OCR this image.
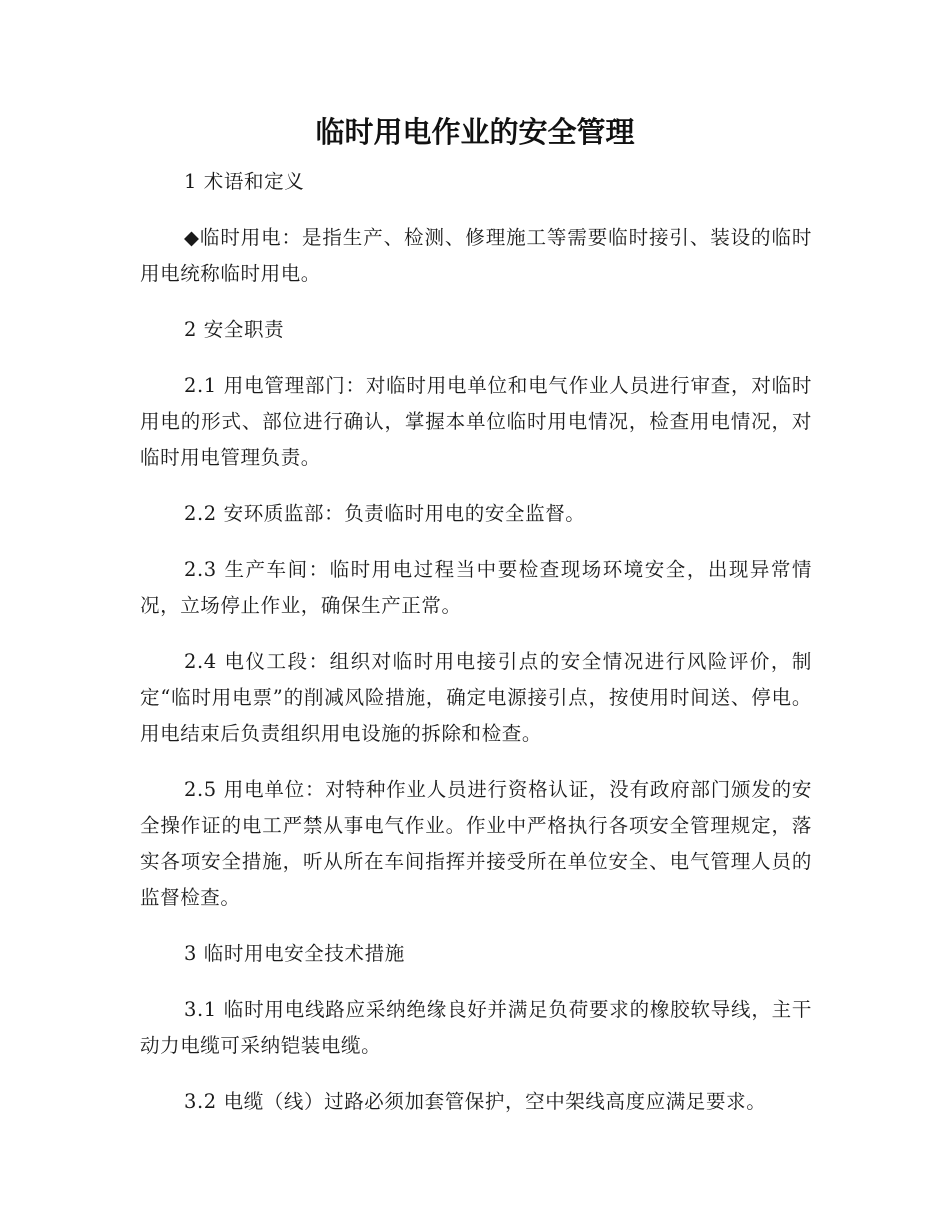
临时用电作业的安全管理

1 术语和定义

◆临时用电：是指生产、检测、修理施工等需要临时接引、装设的临时用电统称临时用电。

2 安全职责

2.1 用电管理部门：对临时用电单位和电气作业人员进行审查，对临时用电的形式、部位进行确认，掌握本单位临时用电情况，检查用电情况，对临时用电管理负责。

2.2 安环质监部：负责临时用电的安全监督。

2.3 生产车间：临时用电过程当中要检查现场环境安全，出现异常情况，立场停止作业，确保生产正常。

2.4 电仪工段：组织对临时用电接引点的安全情况进行风险评价，制定“临时用电票”的削减风险措施，确定电源接引点，按使用时间送、停电。用电结束后负责组织用电设施的拆除和检查。

2.5 用电单位：对特种作业人员进行资格认证，没有政府部门颁发的安全操作证的电工严禁从事电气作业。作业中严格执行各项安全管理规定，落实各项安全措施，听从所在车间指挥并接受所在单位安全、电气管理人员的监督检查。

3 临时用电安全技术措施

3.1 临时用电线路应采纳绝缘良好并满足负荷要求的橡胶软导线，主干动力电缆可采纳铠装电缆。

3.2 电缆（线）过路必须加套管保护，空中架线高度应满足要求。
